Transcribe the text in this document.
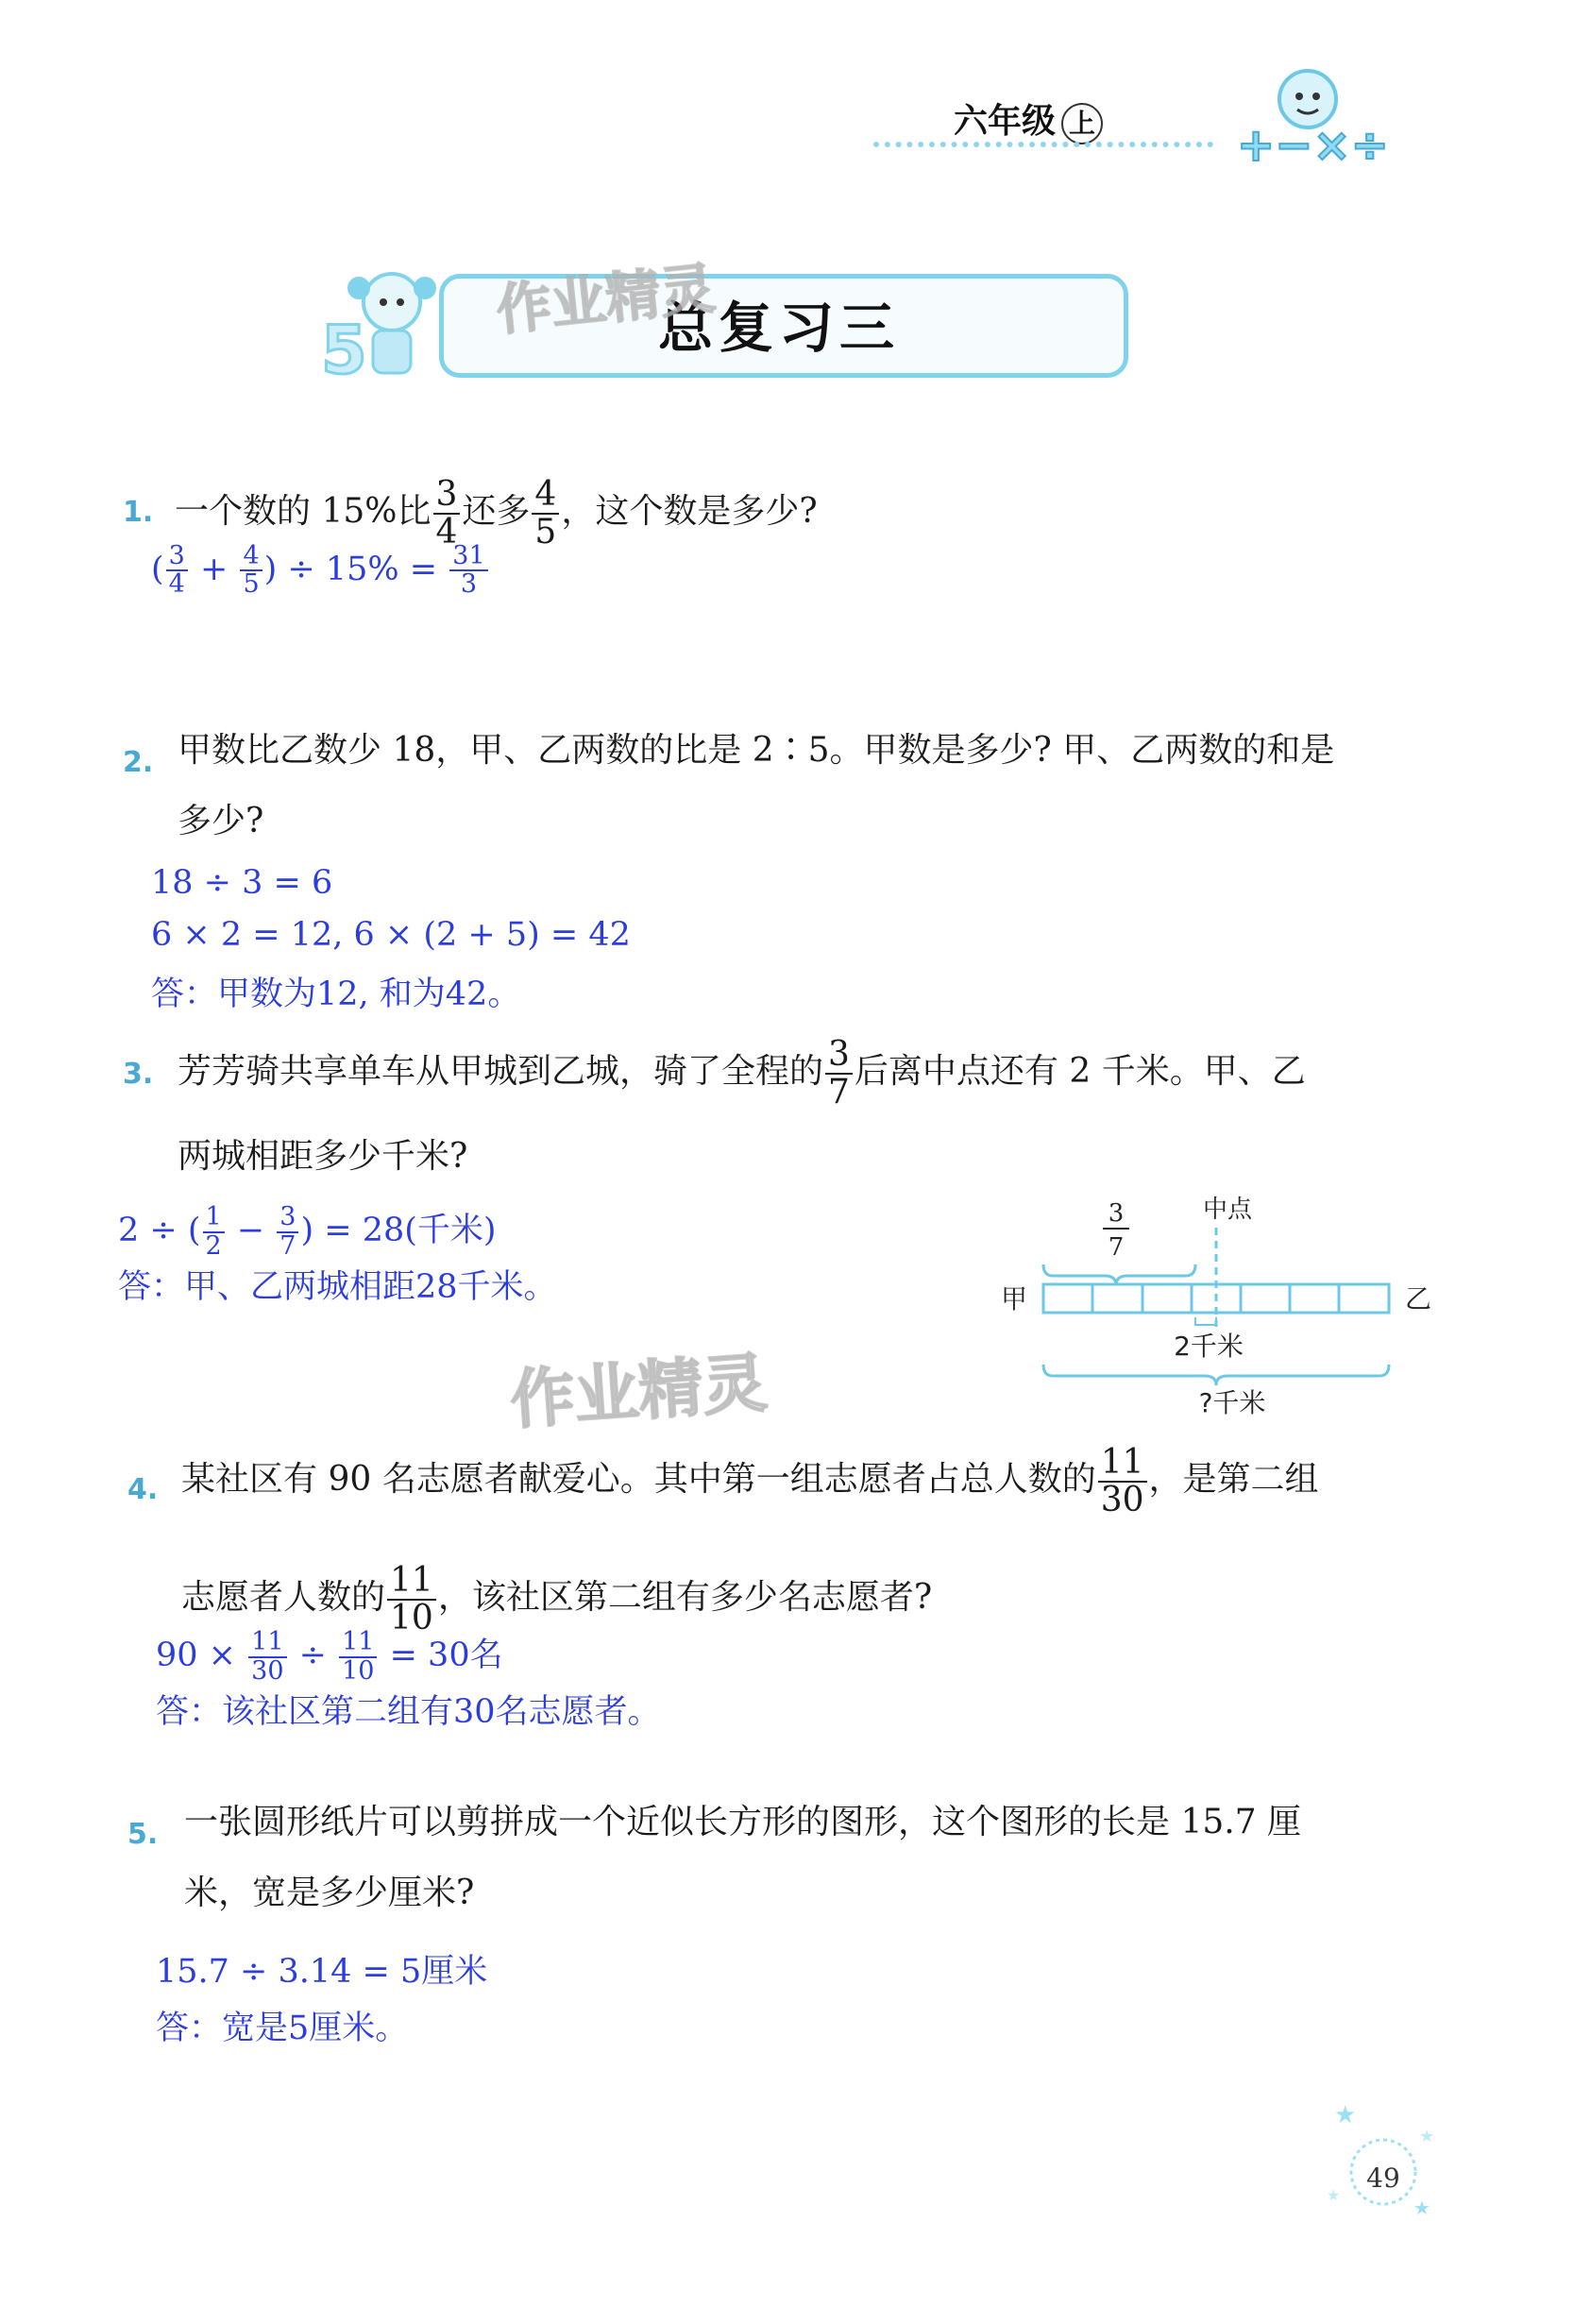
六年级 上	+−×÷
5	总复习三
作业精灵
1. 一个数的 15%比 $\frac{3}{4}$ 还多 $\frac{4}{5}$ ，这个数是多少?
( $\frac{3}{4} + \frac{4}{5}$ ) ÷ $15\% = \frac{31}{3}$
2. 甲数比乙数少 18，甲、乙两数的比是 2∶5。甲数是多少? 甲、乙两数的和是
多少?
18 ÷ 3 = 6
6 × 2 = 12, 6 × (2 + 5) = 42
答：甲数为12, 和为42。
3. 芳芳骑共享单车从甲城到乙城，骑了全程的 $\frac{3}{7}$ 后离中点还有 2 千米。甲、乙
两城相距多少千米?
2 ÷ ( $\frac{1}{2} - \frac{3}{7}$ ) = 28(千米)
答：甲、乙两城相距28千米。
3
7
中点
甲	乙
2千米
?千米
作业精灵
4. 某社区有 90 名志愿者献爱心。其中第一组志愿者占总人数的 $\frac{11}{30}$ ，是第二组
志愿者人数的 $\frac{11}{10}$ ，该社区第二组有多少名志愿者?
$90 \times \frac{11}{30} \div \frac{11}{10} = 30$名
答：该社区第二组有30名志愿者。
5. 一张圆形纸片可以剪拼成一个近似长方形的图形，这个图形的长是 15.7 厘
米，宽是多少厘米?
15.7 ÷ 3.14 = 5厘米
答：宽是5厘米。
★
★
★
★
49
